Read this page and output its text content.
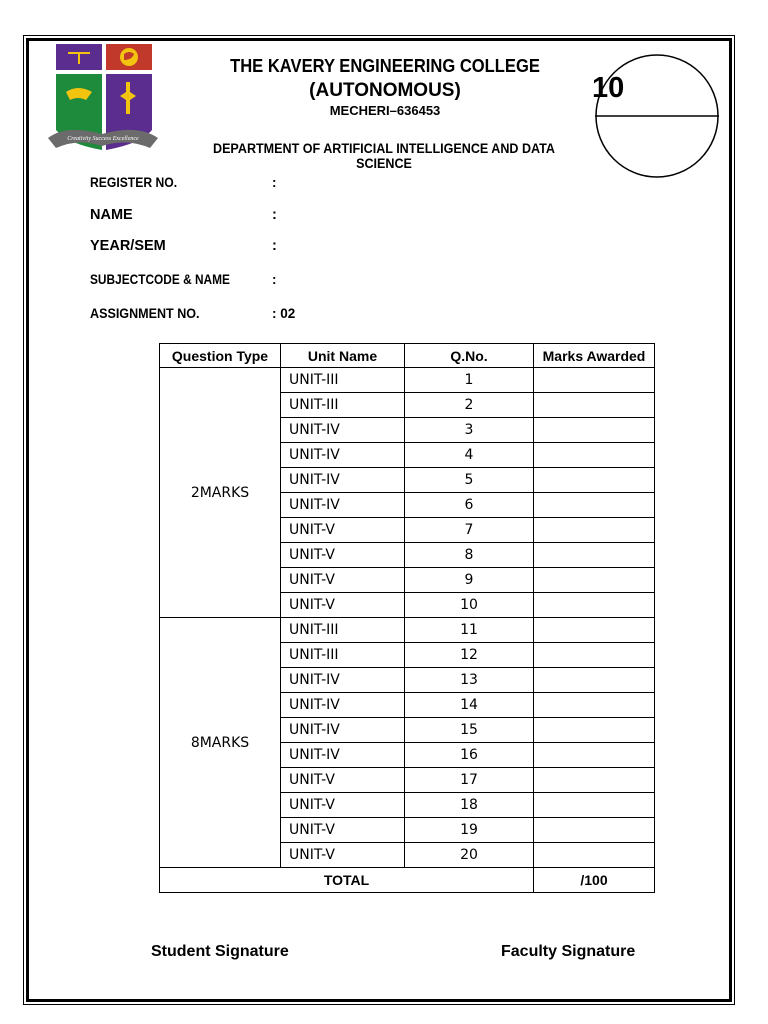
Creativity Success Excellence
THE KAVERY ENGINEERING COLLEGE
(AUTONOMOUS)
MECHERI–636453
DEPARTMENT OF ARTIFICIAL INTELLIGENCE AND DATA SCIENCE
10
REGISTER NO.	:
NAME	:
YEAR/SEM	:
SUBJECTCODE & NAME	:
ASSIGNMENT NO.	: 02
Question Type	Unit Name	Q.No.	Marks Awarded
2MARKS	UNIT-III	1	
	UNIT-III	2	
	UNIT-IV	3	
	UNIT-IV	4	
	UNIT-IV	5	
	UNIT-IV	6	
	UNIT-V	7	
	UNIT-V	8	
	UNIT-V	9	
	UNIT-V	10	
8MARKS	UNIT-III	11	
	UNIT-III	12	
	UNIT-IV	13	
	UNIT-IV	14	
	UNIT-IV	15	
	UNIT-IV	16	
	UNIT-V	17	
	UNIT-V	18	
	UNIT-V	19	
	UNIT-V	20	
TOTAL			/100
Student Signature	Faculty Signature
